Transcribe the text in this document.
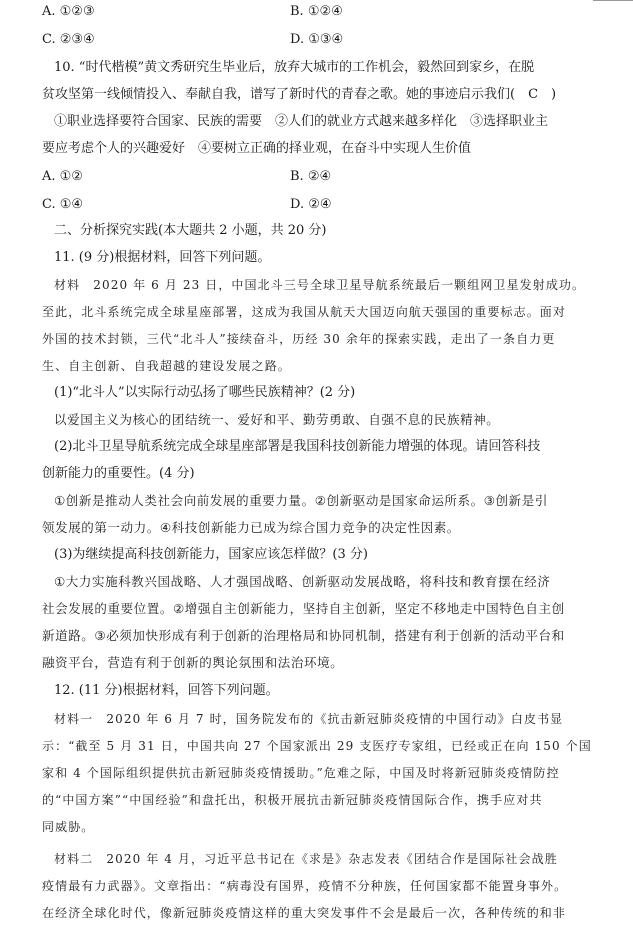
A. ①②③	B. ①②④
C. ②③④	D. ①③④
10. “时代楷模”黄文秀研究生毕业后，放弃大城市的工作机会，毅然回到家乡，在脱
贫攻坚第一线倾情投入、奉献自我，谱写了新时代的青春之歌。她的事迹启示我们(　C　)
①职业选择要符合国家、民族的需要　②人们的就业方式越来越多样化　③选择职业主
要应考虑个人的兴趣爱好　④要树立正确的择业观，在奋斗中实现人生价值
A. ①②	B. ②④
C. ①④	D. ②④
二、分析探究实践(本大题共 2 小题，共 20 分)
11. (9 分)根据材料，回答下列问题。
材料　2020 年 6 月 23 日，中国北斗三号全球卫星导航系统最后一颗组网卫星发射成功。
至此，北斗系统完成全球星座部署，这成为我国从航天大国迈向航天强国的重要标志。面对
外国的技术封锁，三代“北斗人”接续奋斗，历经 30 余年的探索实践，走出了一条自力更
生、自主创新、自我超越的建设发展之路。
(1)“北斗人”以实际行动弘扬了哪些民族精神？(2 分)
以爱国主义为核心的团结统一、爱好和平、勤劳勇敢、自强不息的民族精神。
(2)北斗卫星导航系统完成全球星座部署是我国科技创新能力增强的体现。请回答科技
创新能力的重要性。(4 分)
①创新是推动人类社会向前发展的重要力量。②创新驱动是国家命运所系。③创新是引
领发展的第一动力。④科技创新能力已成为综合国力竞争的决定性因素。
(3)为继续提高科技创新能力，国家应该怎样做？(3 分)
①大力实施科教兴国战略、人才强国战略、创新驱动发展战略，将科技和教育摆在经济
社会发展的重要位置。②增强自主创新能力，坚持自主创新，坚定不移地走中国特色自主创
新道路。③必须加快形成有利于创新的治理格局和协同机制，搭建有利于创新的活动平台和
融资平台，营造有利于创新的舆论氛围和法治环境。
12. (11 分)根据材料，回答下列问题。
材料一　2020 年 6 月 7 时，国务院发布的《抗击新冠肺炎疫情的中国行动》白皮书显
示：“截至 5 月 31 日，中国共向 27 个国家派出 29 支医疗专家组，已经或正在向 150 个国
家和 4 个国际组织提供抗击新冠肺炎疫情援助。”危难之际，中国及时将新冠肺炎疫情防控
的“中国方案”“中国经验”和盘托出，积极开展抗击新冠肺炎疫情国际合作，携手应对共
同威胁。
材料二　2020 年 4 月，习近平总书记在《求是》杂志发表《团结合作是国际社会战胜
疫情最有力武器》。文章指出：“病毒没有国界，疫情不分种族，任何国家都不能置身事外。
在经济全球化时代，像新冠肺炎疫情这样的重大突发事件不会是最后一次，各种传统的和非
